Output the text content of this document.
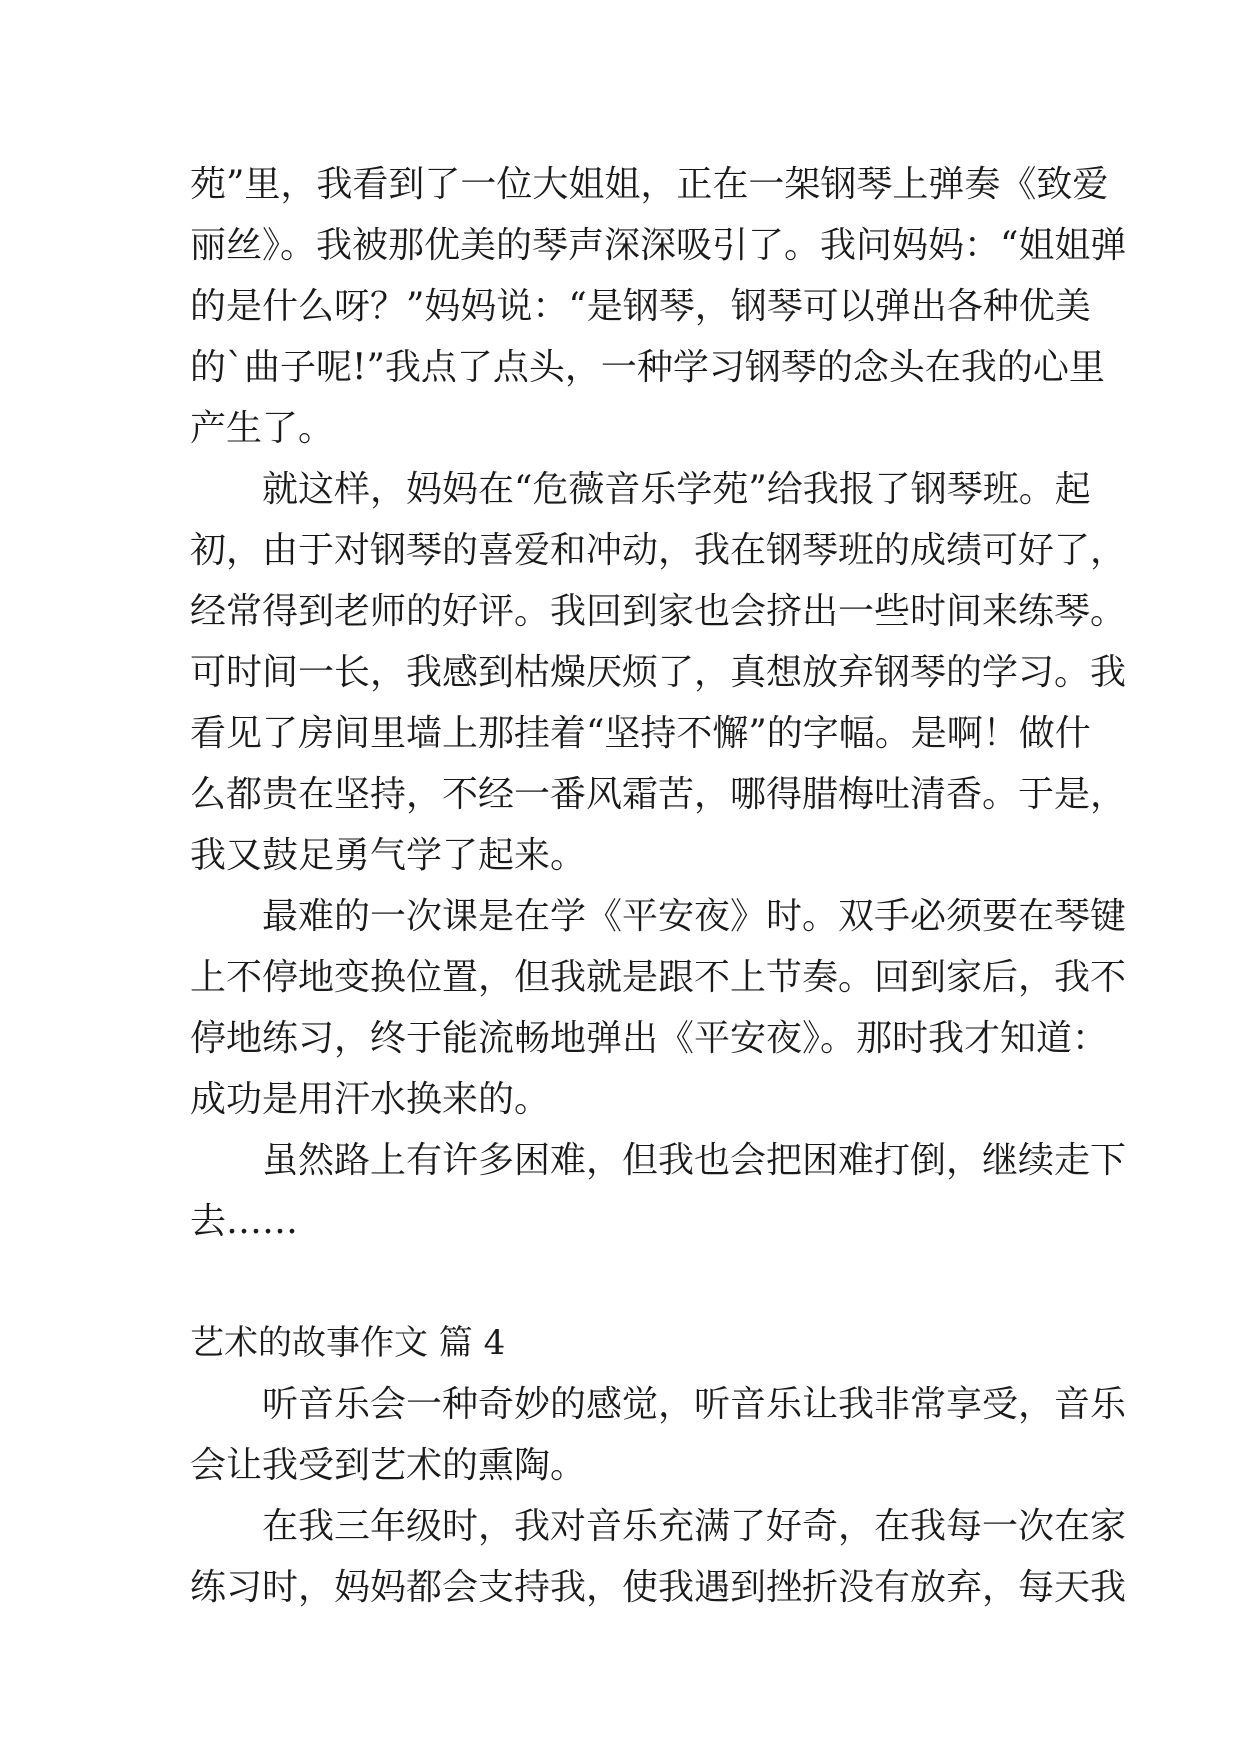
苑”里，我看到了一位大姐姐，正在一架钢琴上弹奏《致爱
丽丝》。我被那优美的琴声深深吸引了。我问妈妈：“姐姐弹
的是什么呀？”妈妈说：“是钢琴，钢琴可以弹出各种优美
的`曲子呢!”我点了点头，一种学习钢琴的念头在我的心里
产生了。
就这样，妈妈在“危薇音乐学苑”给我报了钢琴班。起
初，由于对钢琴的喜爱和冲动，我在钢琴班的成绩可好了，
经常得到老师的好评。我回到家也会挤出一些时间来练琴。
可时间一长，我感到枯燥厌烦了，真想放弃钢琴的学习。我
看见了房间里墙上那挂着“坚持不懈”的字幅。是啊！做什
么都贵在坚持，不经一番风霜苦，哪得腊梅吐清香。于是，
我又鼓足勇气学了起来。
最难的一次课是在学《平安夜》时。双手必须要在琴键
上不停地变换位置，但我就是跟不上节奏。回到家后，我不
停地练习，终于能流畅地弹出《平安夜》。那时我才知道：
成功是用汗水换来的。
虽然路上有许多困难，但我也会把困难打倒，继续走下
去……
艺术的故事作文 篇 4
听音乐会一种奇妙的感觉，听音乐让我非常享受，音乐
会让我受到艺术的熏陶。
在我三年级时，我对音乐充满了好奇，在我每一次在家
练习时，妈妈都会支持我，使我遇到挫折没有放弃，每天我
